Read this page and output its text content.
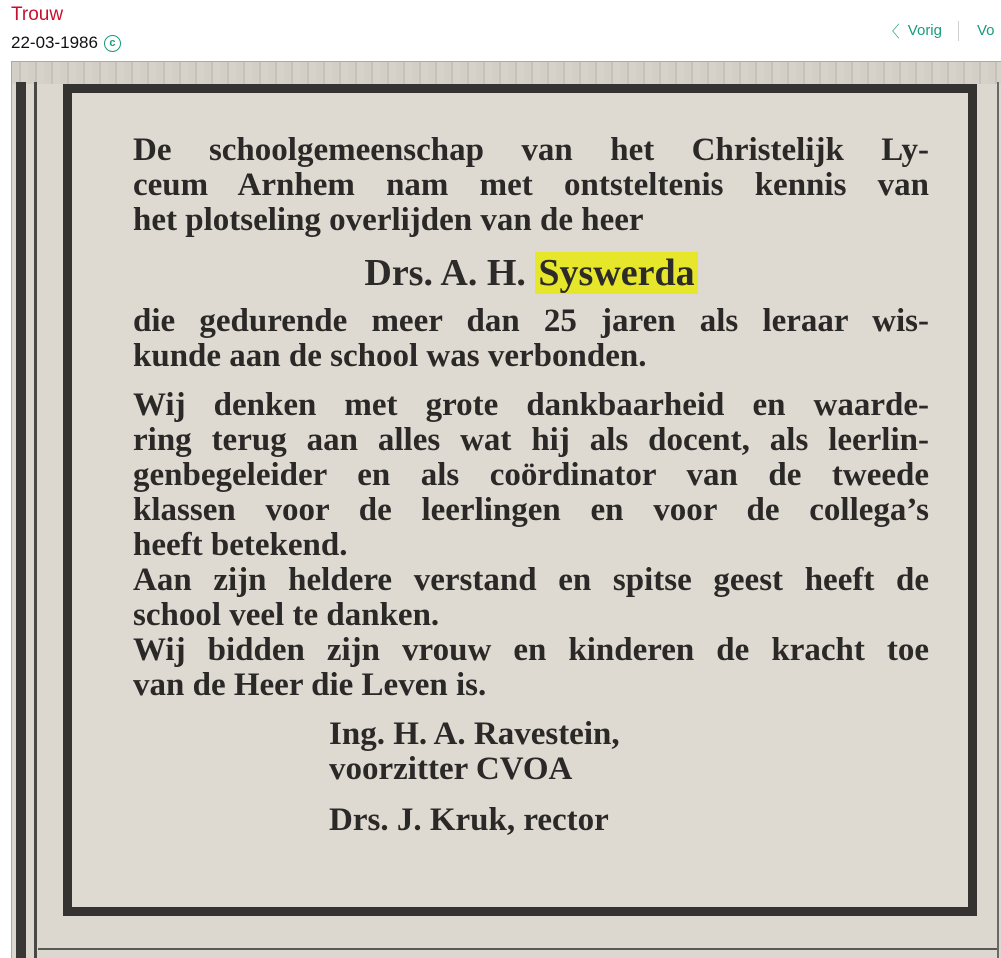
Trouw
22-03-1986	c
〈 Vorig	Vo

De schoolgemeenschap van het Christelijk Ly-

ceum Arnhem nam met ontsteltenis kennis van

het plotseling overlijden van de heer

Drs. A. H. Syswerda

die gedurende meer dan 25 jaren als leraar wis-

kunde aan de school was verbonden.

Wij denken met grote dankbaarheid en waarde-

ring terug aan alles wat hij als docent, als leerlin-

genbegeleider en als coördinator van de tweede

klassen voor de leerlingen en voor de collega’s

heeft betekend.

Aan zijn heldere verstand en spitse geest heeft de

school veel te danken.

Wij bidden zijn vrouw en kinderen de kracht toe

van de Heer die Leven is.

Ing. H. A. Ravestein,

voorzitter CVOA

Drs. J. Kruk, rector
